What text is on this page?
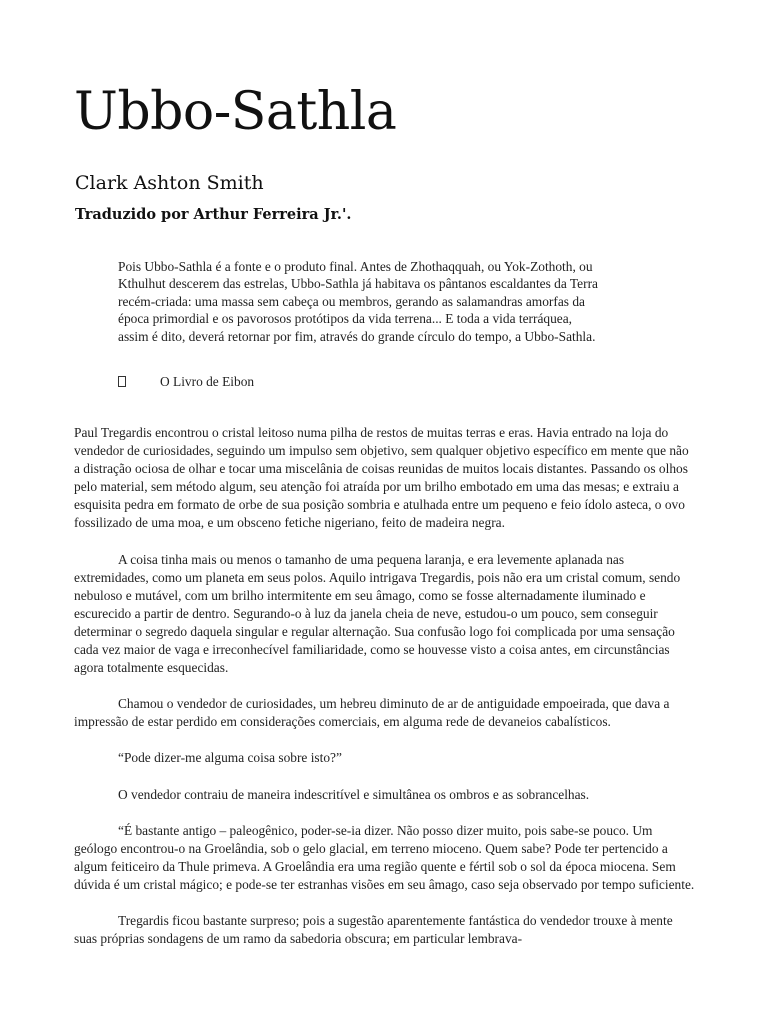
Ubbo-Sathla
Clark Ashton Smith
Traduzido por Arthur Ferreira Jr.'.

Pois Ubbo-Sathla é a fonte e o produto final. Antes de Zhothaqquah, ou Yok-Zothoth, ou Kthulhut descerem das estrelas, Ubbo-Sathla já habitava os pântanos escaldantes da Terra recém-criada: uma massa sem cabeça ou membros, gerando as salamandras amorfas da época primordial e os pavorosos protótipos da vida terrena... E toda a vida terráquea, assim é dito, deverá retornar por fim, através do grande círculo do tempo, a Ubbo-Sathla.

O Livro de Eibon

Paul Tregardis encontrou o cristal leitoso numa pilha de restos de muitas terras e eras. Havia entrado na loja do vendedor de curiosidades, seguindo um impulso sem objetivo, sem qualquer objetivo específico em mente que não a distração ociosa de olhar e tocar uma miscelânia de coisas reunidas de muitos locais distantes. Passando os olhos pelo material, sem método algum, seu atenção foi atraída por um brilho embotado em uma das mesas; e extraiu a esquisita pedra em formato de orbe de sua posição sombria e atulhada entre um pequeno e feio ídolo asteca, o ovo fossilizado de uma moa, e um obsceno fetiche nigeriano, feito de madeira negra.

A coisa tinha mais ou menos o tamanho de uma pequena laranja, e era levemente aplanada nas extremidades, como um planeta em seus polos. Aquilo intrigava Tregardis, pois não era um cristal comum, sendo nebuloso e mutável, com um brilho intermitente em seu âmago, como se fosse alternadamente iluminado e escurecido a partir de dentro. Segurando-o à luz da janela cheia de neve, estudou-o um pouco, sem conseguir determinar o segredo daquela singular e regular alternação. Sua confusão logo foi complicada por uma sensação cada vez maior de vaga e irreconhecível familiaridade, como se houvesse visto a coisa antes, em circunstâncias agora totalmente esquecidas.

Chamou o vendedor de curiosidades, um hebreu diminuto de ar de antiguidade empoeirada, que dava a impressão de estar perdido em considerações comerciais, em alguma rede de devaneios cabalísticos.

“Pode dizer-me alguma coisa sobre isto?”

O vendedor contraiu de maneira indescritível e simultânea os ombros e as sobrancelhas.

“É bastante antigo – paleogênico, poder-se-ia dizer. Não posso dizer muito, pois sabe-se pouco. Um geólogo encontrou-o na Groelândia, sob o gelo glacial, em terreno mioceno. Quem sabe? Pode ter pertencido a algum feiticeiro da Thule primeva. A Groelândia era uma região quente e fértil sob o sol da época miocena. Sem dúvida é um cristal mágico; e pode-se ter estranhas visões em seu âmago, caso seja observado por tempo suficiente.

Tregardis ficou bastante surpreso; pois a sugestão aparentemente fantástica do vendedor trouxe à mente suas próprias sondagens de um ramo da sabedoria obscura; em particular lembrava-
